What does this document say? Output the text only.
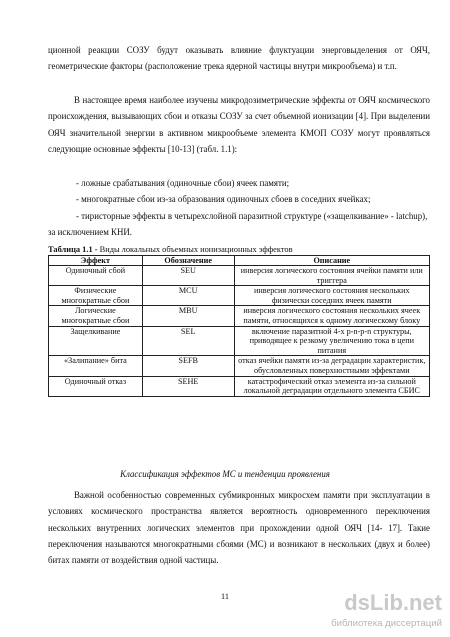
ционной реакции СОЗУ будут оказывать влияние флуктуации энерговыделения от ОЯЧ, геометрические факторы (расположение трека ядерной частицы внутри микрообъема) и т.п.

В настоящее время наиболее изучены микродозиметрические эффекты от ОЯЧ космического происхождения, вызывающих сбои и отказы СОЗУ за счет объемной ионизации [4]. При выделении ОЯЧ значительной энергии в активном микрообъеме элемента КМОП СОЗУ могут проявляться следующие основные эффекты [10-13] (табл. 1.1):

- ложные срабатывания (одиночные сбои) ячеек памяти;

- многократные сбои из-за образования одиночных сбоев в соседних ячейках;

- тиристорные эффекты в четырехслойной паразитной структуре («защелкивание» - latchup), за исключением КНИ.

Таблица 1.1 - Виды локальных объемных ионизационных эффектов
Эффект	Обозначение	Описание
Одиночный сбой	SEU	инверсия логического состояния ячейки памяти или триггера
Физические многократные сбои	MCU	инверсия логического состояния нескольких физически соседних ячеек памяти
Логические многократные сбои	MBU	инверсия логического состояния нескольких ячеек памяти, относящихся к одному логическому блоку
Защелкивание	SEL	включение паразитной 4-х p-n-p-n структуры, приводящее к резкому увеличению тока в цепи питания
«Залипание» бита	SEFB	отказ ячейки памяти из-за деградации характеристик, обусловленных поверхностными эффектами
Одиночный отказ	SEHE	катастрофический отказ элемента из-за сильной локальной деградации отдельного элемента СБИС
Классификация эффектов МС и тенденции проявления

Важной особенностью современных субмикронных микросхем памяти при эксплуатации в условиях космического пространства является вероятность одновременного переключения нескольких внутренних логических элементов при прохождении одной ОЯЧ [14- 17]. Такие переключения называются многократными сбоями (МС) и возникают в нескольких (двух и более) битах памяти от воздействия одной частицы.

11	dsLib.net
библиотека диссертаций
